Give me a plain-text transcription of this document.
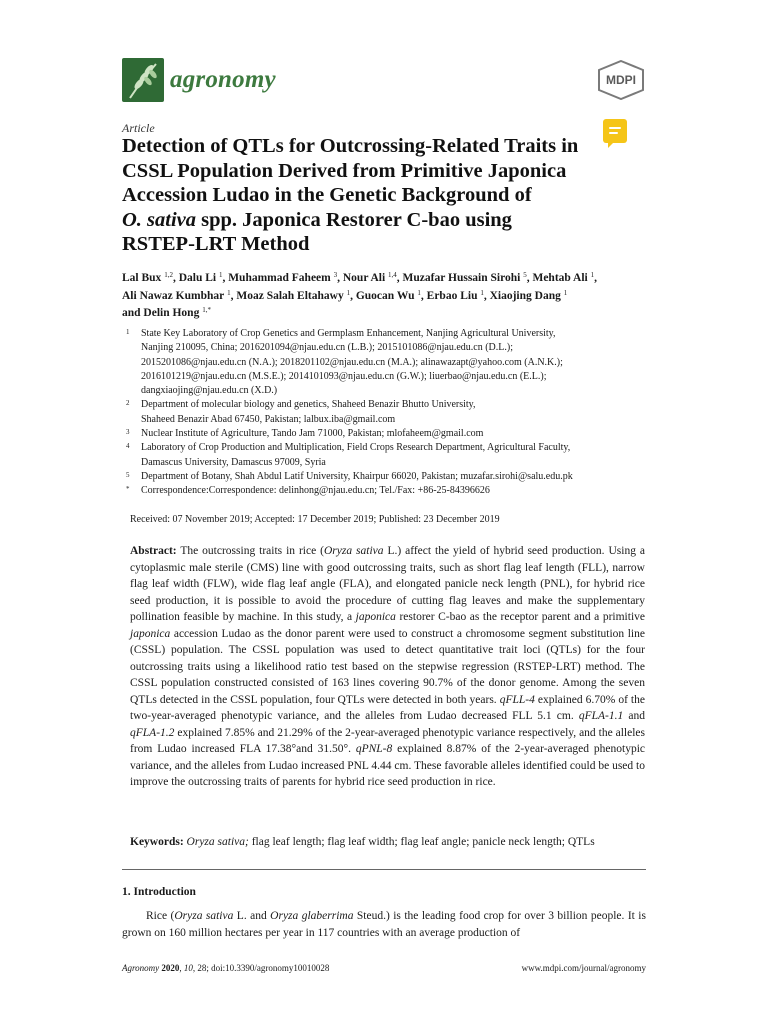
agronomy	MDPI
Article
Detection of QTLs for Outcrossing-Related Traits in
CSSL Population Derived from Primitive Japonica
Accession Ludao in the Genetic Background of
O. sativa spp. Japonica Restorer C-bao using
RSTEP-LRT Method

Lal Bux $^{1,2}$, Dalu Li $^1$, Muhammad Faheem $^3$, Nour Ali $^{1,4}$, Muzafar Hussain Sirohi $^5$, Mehtab Ali $^1$,
Ali Nawaz Kumbhar $^1$, Moaz Salah Eltahawy $^1$, Guocan Wu $^1$, Erbao Liu $^1$, Xiaojing Dang $^1$
and Delin Hong $^{1,*}$

1 State Key Laboratory of Crop Genetics and Germplasm Enhancement, Nanjing Agricultural University,
Nanjing 210095, China; 2016201094@njau.edu.cn (L.B.); 2015101086@njau.edu.cn (D.L.);
2015201086@njau.edu.cn (N.A.); 2018201102@njau.edu.cn (M.A.); alinawazapt@yahoo.com (A.N.K.);
2016101219@njau.edu.cn (M.S.E.); 2014101093@njau.edu.cn (G.W.); liuerbao@njau.edu.cn (E.L.);
dangxiaojing@njau.edu.cn (X.D.)
2 Department of molecular biology and genetics, Shaheed Benazir Bhutto University,
Shaheed Benazir Abad 67450, Pakistan; lalbux.iba@gmail.com
3 Nuclear Institute of Agriculture, Tando Jam 71000, Pakistan; mlofaheem@gmail.com
4 Laboratory of Crop Production and Multiplication, Field Crops Research Department, Agricultural Faculty,
Damascus University, Damascus 97009, Syria
5 Department of Botany, Shah Abdul Latif University, Khairpur 66020, Pakistan; muzafar.sirohi@salu.edu.pk
* Correspondence:Correspondence: delinhong@njau.edu.cn; Tel./Fax: +86-25-84396626
Received: 07 November 2019; Accepted: 17 December 2019; Published: 23 December 2019

Abstract: The outcrossing traits in rice (Oryza sativa L.) affect the yield of hybrid seed production. Using a cytoplasmic male sterile (CMS) line with good outcrossing traits, such as short flag leaf length (FLL), narrow flag leaf width (FLW), wide flag leaf angle (FLA), and elongated panicle neck length (PNL), for hybrid rice seed production, it is possible to avoid the procedure of cutting flag leaves and make the supplementary pollination feasible by machine. In this study, a japonica restorer C-bao as the receptor parent and a primitive japonica accession Ludao as the donor parent were used to construct a chromosome segment substitution line (CSSL) population. The CSSL population was used to detect quantitative trait loci (QTLs) for the four outcrossing traits using a likelihood ratio test based on the stepwise regression (RSTEP-LRT) method. The CSSL population constructed consisted of 163 lines covering 90.7% of the donor genome. Among the seven QTLs detected in the CSSL population, four QTLs were detected in both years. qFLL-4 explained 6.70% of the two-year-averaged phenotypic variance, and the alleles from Ludao decreased FLL 5.1 cm. qFLA-1.1 and qFLA-1.2 explained 7.85% and 21.29% of the 2-year-averaged phenotypic variance respectively, and the alleles from Ludao increased FLA 17.38°and 31.50°. qPNL-8 explained 8.87% of the 2-year-averaged phenotypic variance, and the alleles from Ludao increased PNL 4.44 cm. These favorable alleles identified could be used to improve the outcrossing traits of parents for hybrid rice seed production in rice.

Keywords: Oryza sativa; flag leaf length; flag leaf width; flag leaf angle; panicle neck length; QTLs

1. Introduction

Rice (Oryza sativa L. and Oryza glaberrima Steud.) is the leading food crop for over 3 billion people. It is grown on 160 million hectares per year in 117 countries with an average production of

Agronomy 2020, 10, 28; doi:10.3390/agronomy10010028	www.mdpi.com/journal/agronomy
